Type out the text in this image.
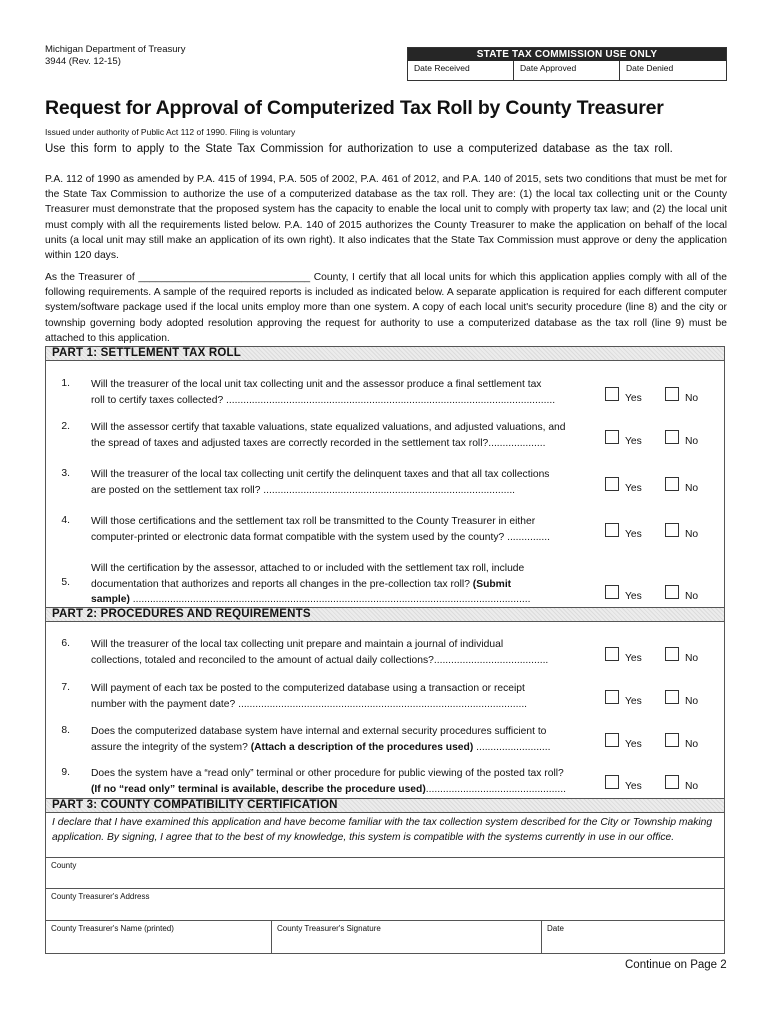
Michigan Department of Treasury
3944 (Rev. 12-15)
STATE TAX COMMISSION USE ONLY
Date Received	Date Approved	Date Denied
Request for Approval of Computerized Tax Roll by County Treasurer
Issued under authority of Public Act 112 of 1990. Filing is voluntary
Use this form to apply to the State Tax Commission for authorization to use a computerized database as the tax roll.
P.A. 112 of 1990 as amended by P.A. 415 of 1994, P.A. 505 of 2002, P.A. 461 of 2012, and P.A. 140 of 2015, sets two conditions that must be met for the State Tax Commission to authorize the use of a computerized database as the tax roll. They are: (1) the local tax collecting unit or the County Treasurer must demonstrate that the proposed system has the capacity to enable the local unit to comply with property tax law; and (2) the local unit must comply with all the requirements listed below. P.A. 140 of 2015 authorizes the County Treasurer to make the application on behalf of the local units (a local unit may still make an application of its own right). It also indicates that the State Tax Commission must approve or deny the application within 120 days.
As the Treasurer of ______________________________ County, I certify that all local units for which this application applies comply with all of the following requirements. A sample of the required reports is included as indicated below. A separate application is required for each different computer system/software package used if the local units employ more than one system. A copy of each local unit's security procedure (line 8) and the city or township governing body adopted resolution approving the request for authority to use a computerized database as the tax roll (line 9) must be attached to this application.
PART 1: SETTLEMENT TAX ROLL
1. Will the treasurer of the local unit tax collecting unit and the assessor produce a final settlement tax
roll to certify taxes collected? ...................................................................................................................	Yes	No
2. Will the assessor certify that taxable valuations, state equalized valuations, and adjusted valuations, and
the spread of taxes and adjusted taxes are correctly recorded in the settlement tax roll?....................	Yes	No
3. Will the treasurer of the local tax collecting unit certify the delinquent taxes and that all tax collections
are posted on the settlement tax roll? ........................................................................................	Yes	No
4. Will those certifications and the settlement tax roll be transmitted to the County Treasurer in either
computer-printed or electronic data format compatible with the system used by the county? ...............	Yes	No
5.
Will the certification by the assessor, attached to or included with the settlement tax roll, include
documentation that authorizes and reports all changes in the pre-collection tax roll? (Submit
sample) ...........................................................................................................................................	Yes	No
PART 2: PROCEDURES AND REQUIREMENTS
6. Will the treasurer of the local tax collecting unit prepare and maintain a journal of individual
collections, totaled and reconciled to the amount of actual daily collections?........................................	Yes	No
7. Will payment of each tax be posted to the computerized database using a transaction or receipt
number with the payment date? .....................................................................................................	Yes	No
8. Does the computerized database system have internal and external security procedures sufficient to
assure the integrity of the system? (Attach a description of the procedures used) ..........................	Yes	No
9. Does the system have a “read only” terminal or other procedure for public viewing of the posted tax roll?
(If no “read only” terminal is available, describe the procedure used).................................................	Yes	No
PART 3: COUNTY COMPATIBILITY CERTIFICATION
I declare that I have examined this application and have become familiar with the tax collection system described for the City or Township making application. By signing, I agree that to the best of my knowledge, this system is compatible with the systems currently in use in our office.
County
County Treasurer's Address
County Treasurer's Name (printed)	County Treasurer's Signature	Date
Continue on Page 2
